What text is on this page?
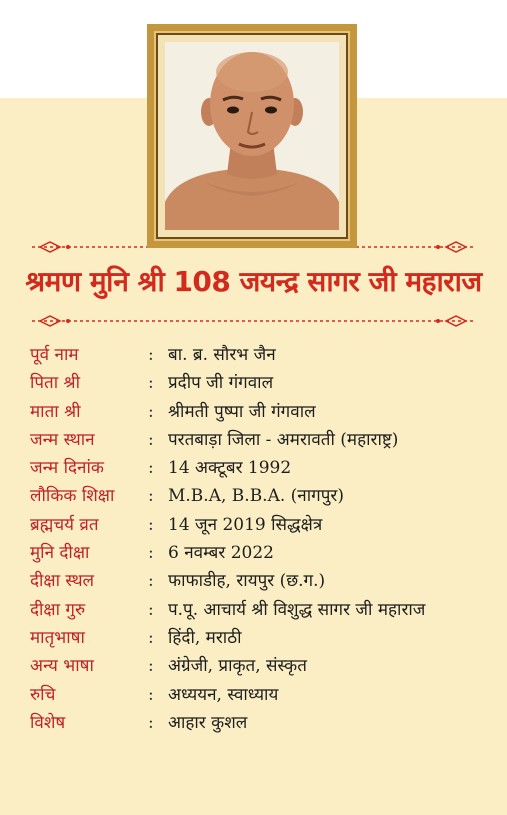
श्रमण मुनि श्री 108 जयन्द्र सागर जी महाराज
पूर्व नाम	: बा. ब्र. सौरभ जैन
पिता श्री	: प्रदीप जी गंगवाल
माता श्री	: श्रीमती पुष्पा जी गंगवाल
जन्म स्थान	: परतबाड़ा जिला - अमरावती (महाराष्ट्र)
जन्म दिनांक	: 14 अक्टूबर 1992
लौकिक शिक्षा : M.B.A, B.B.A. (नागपुर)
ब्रह्मचर्य व्रत	: 14 जून 2019 सिद्धक्षेत्र
मुनि दीक्षा	: 6 नवम्बर 2022
दीक्षा स्थल	: फाफाडीह, रायपुर (छ.ग.)
दीक्षा गुरु	: प.पू. आचार्य श्री विशुद्ध सागर जी महाराज
मातृभाषा	: हिंदी, मराठी
अन्य भाषा	: अंग्रेजी, प्राकृत, संस्कृत
रुचि	: अध्ययन, स्वाध्याय
विशेष	: आहार कुशल
